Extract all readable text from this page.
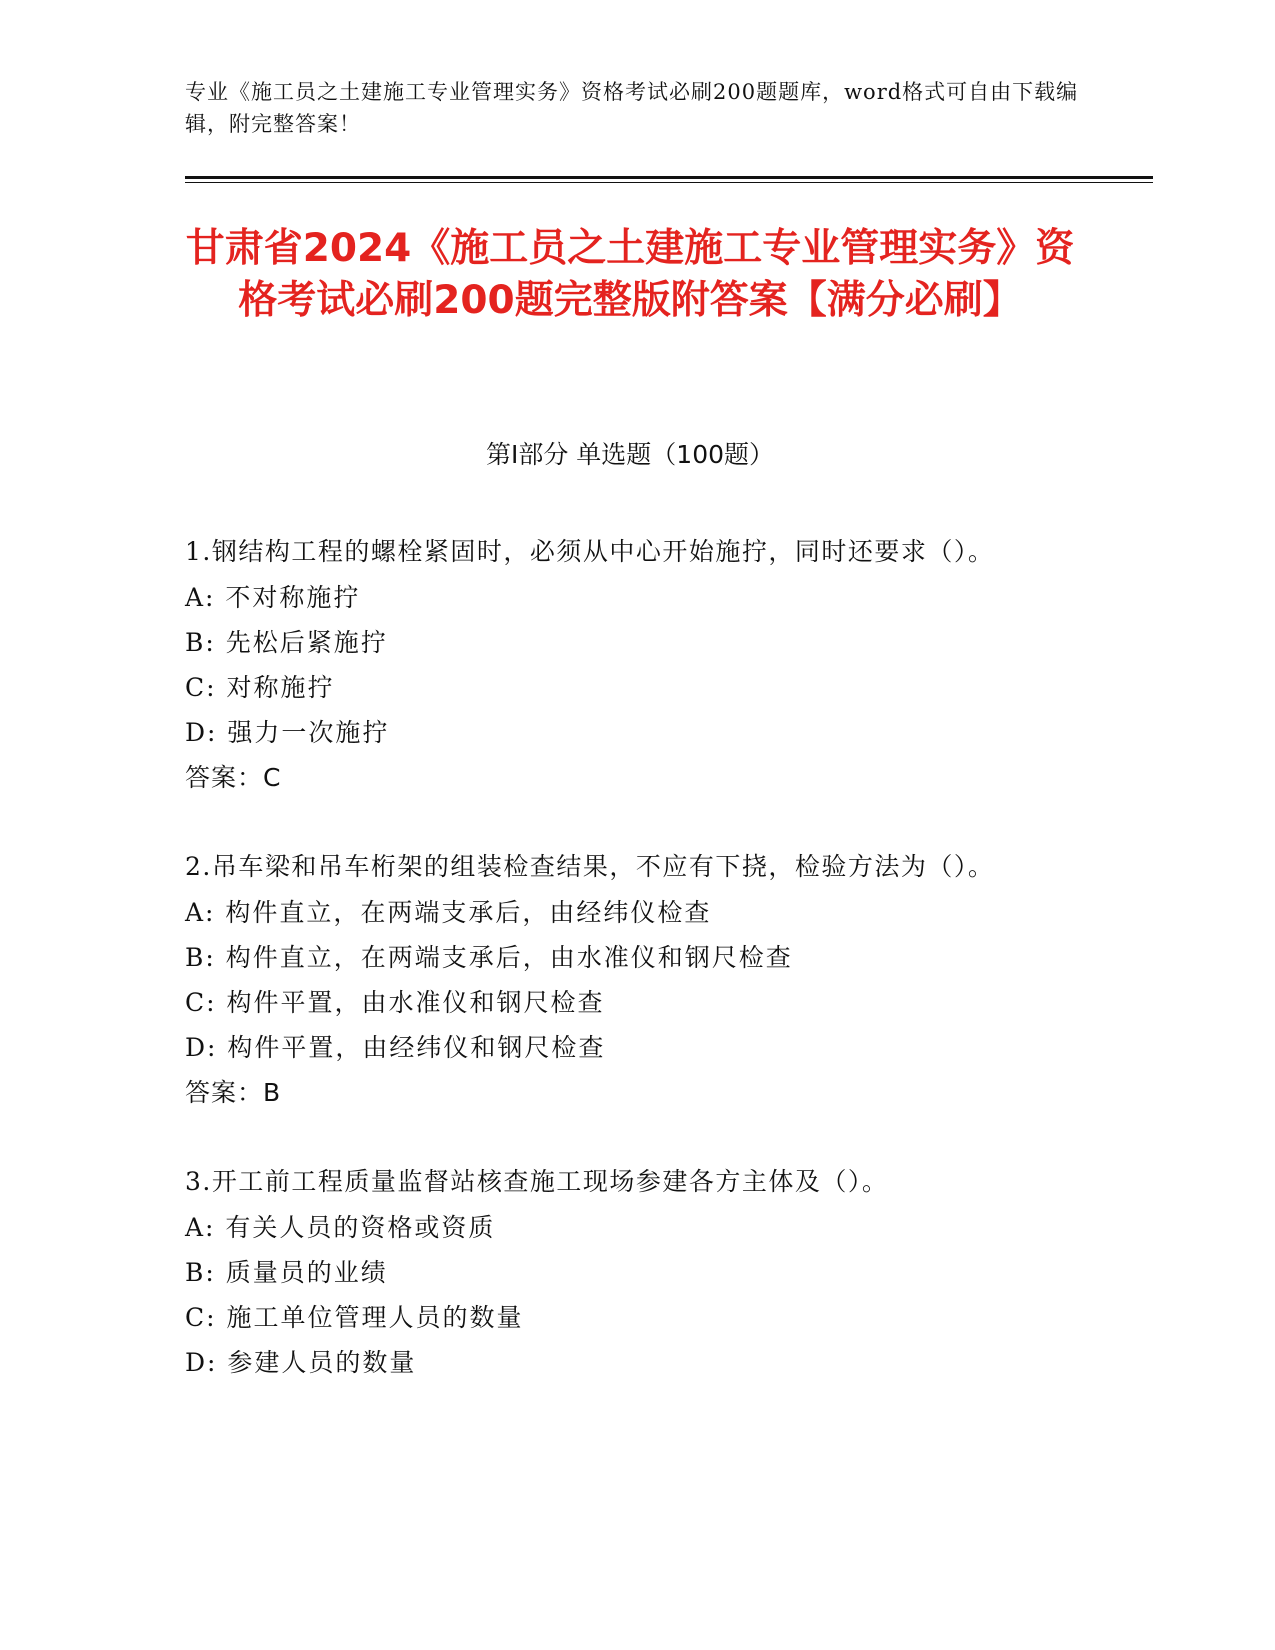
专业《施工员之土建施工专业管理实务》资格考试必刷200题题库，word格式可自由下载编辑，附完整答案！
甘肃省2024《施工员之土建施工专业管理实务》资格考试必刷200题完整版附答案【满分必刷】
第Ⅰ部分 单选题（100题）
1.钢结构工程的螺栓紧固时，必须从中心开始施拧，同时还要求（）。
A: 不对称施拧
B: 先松后紧施拧
C: 对称施拧
D: 强力一次施拧
答案：C
2.吊车梁和吊车桁架的组装检查结果，不应有下挠，检验方法为（）。
A: 构件直立，在两端支承后，由经纬仪检查
B: 构件直立，在两端支承后，由水准仪和钢尺检查
C: 构件平置，由水准仪和钢尺检查
D: 构件平置，由经纬仪和钢尺检查
答案：B
3.开工前工程质量监督站核查施工现场参建各方主体及（）。
A: 有关人员的资格或资质
B: 质量员的业绩
C: 施工单位管理人员的数量
D: 参建人员的数量
